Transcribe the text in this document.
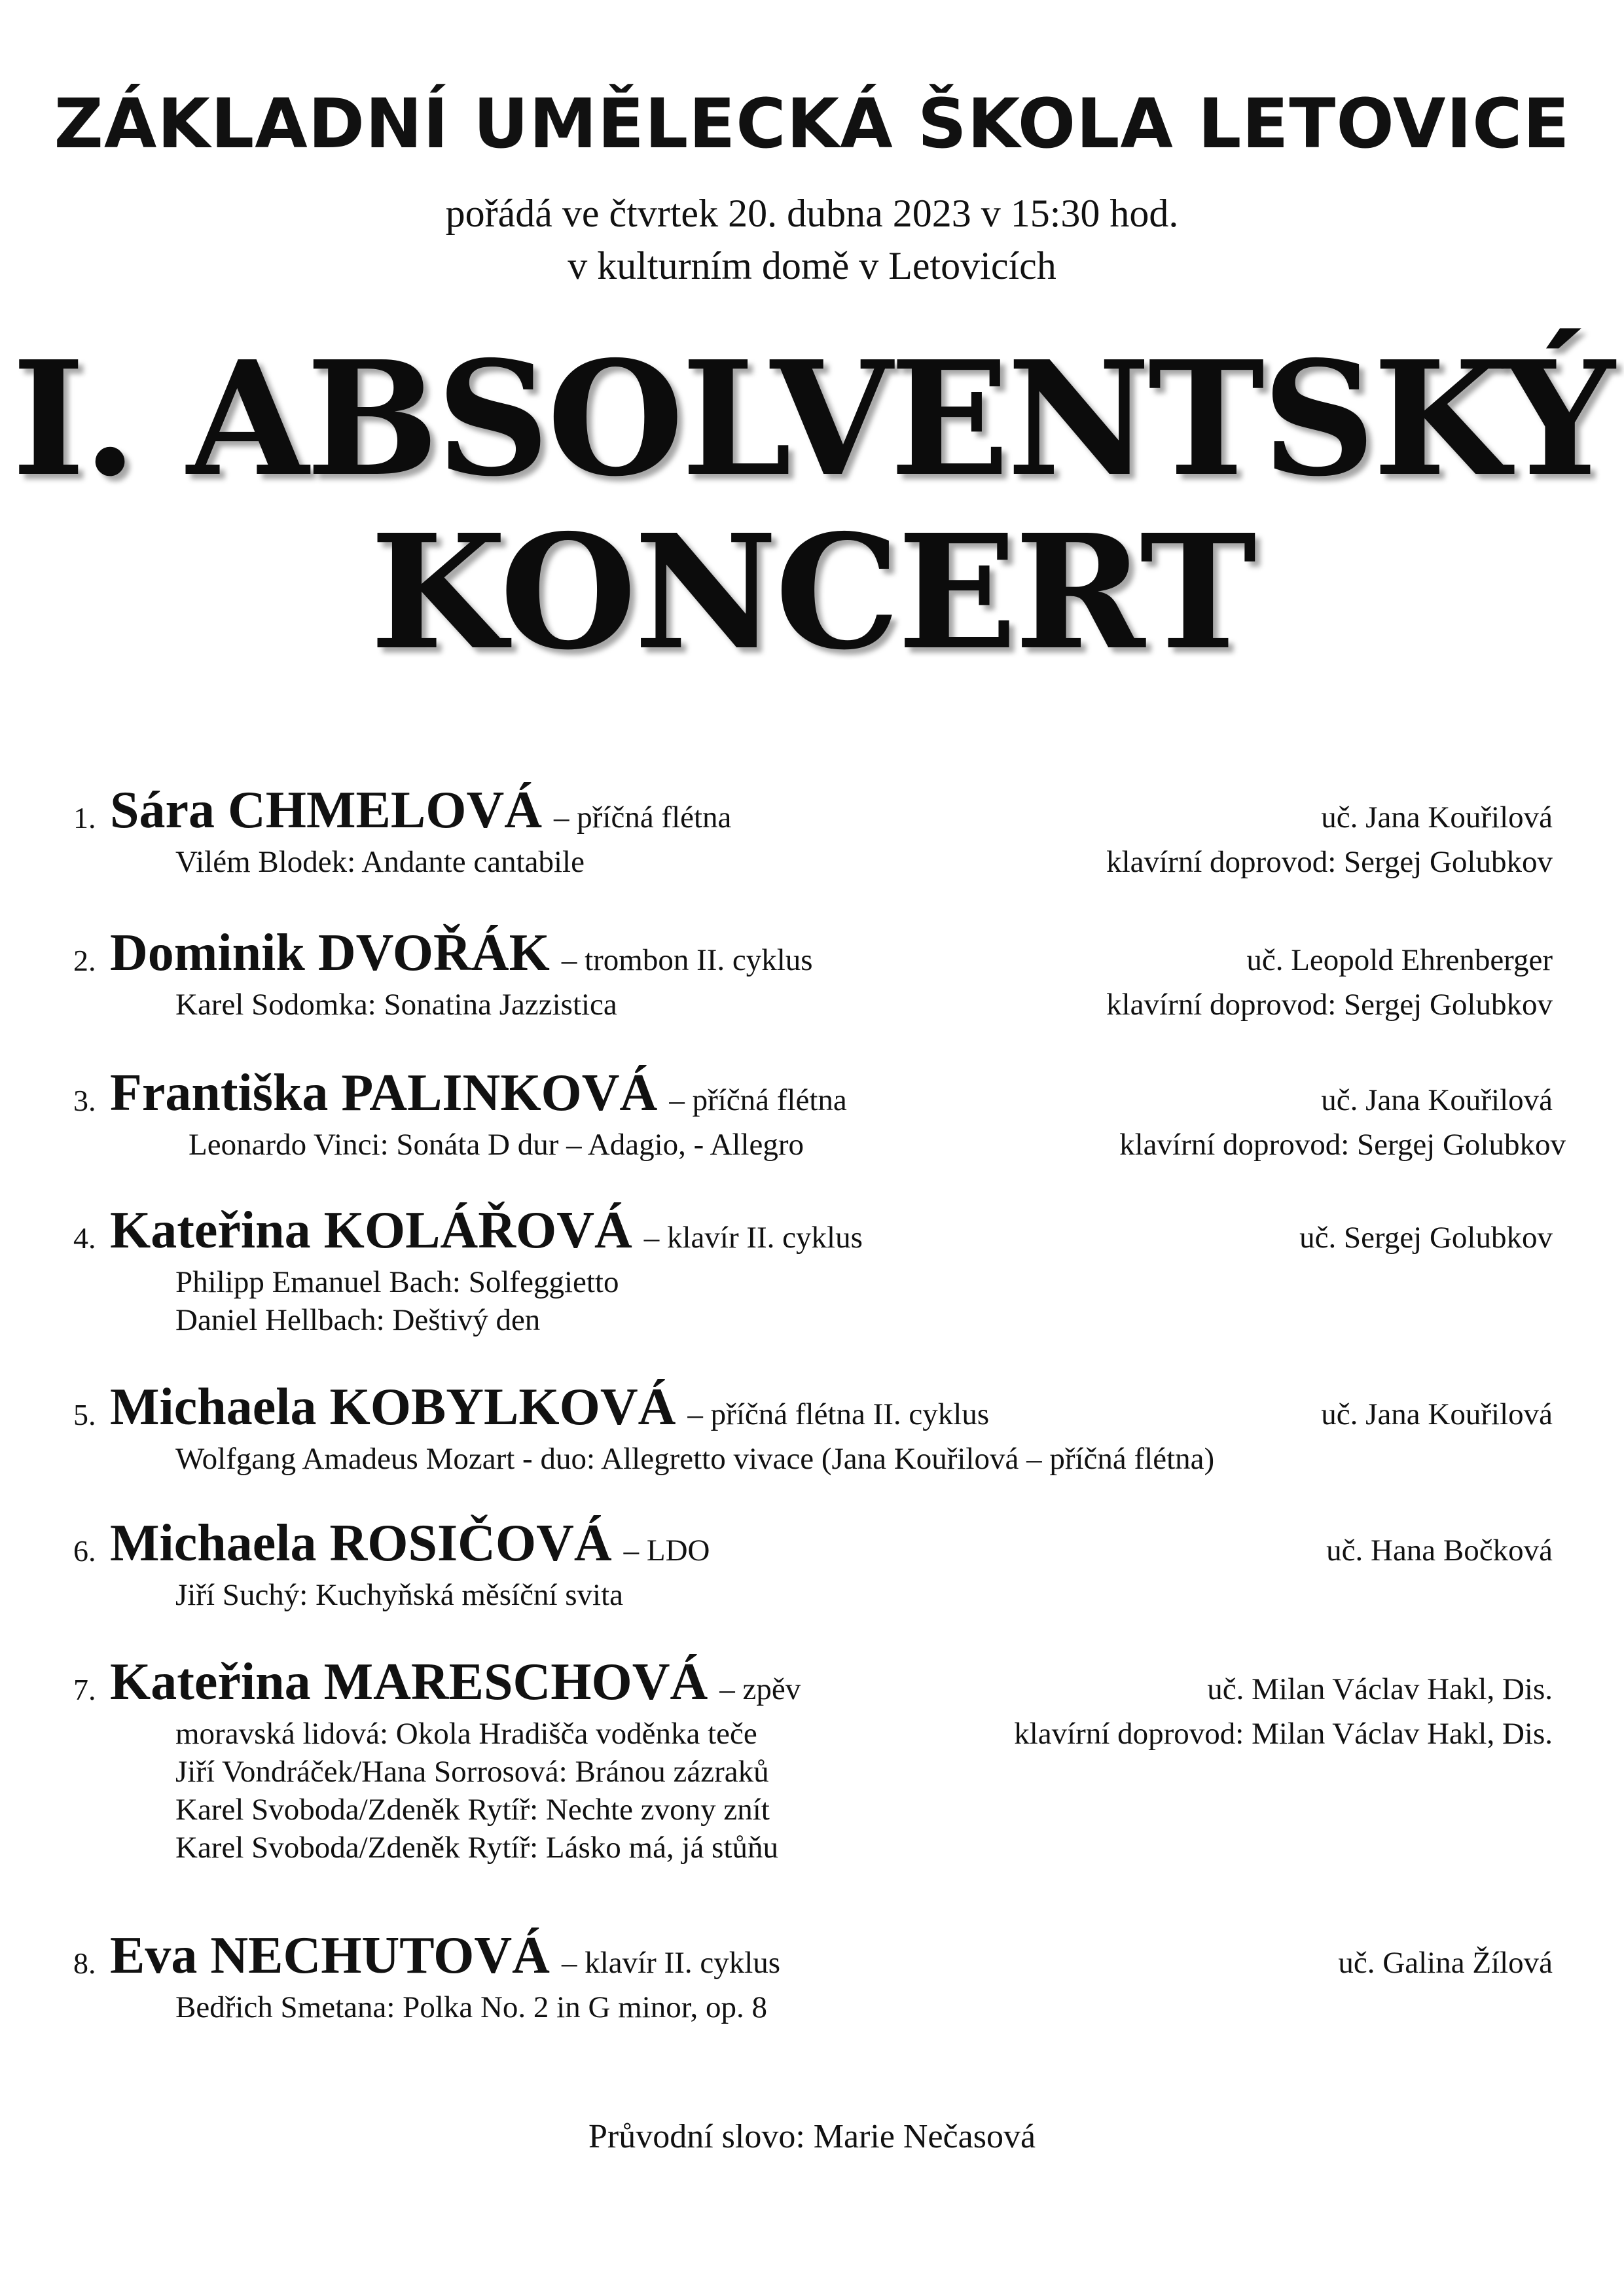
ZÁKLADNÍ UMĚLECKÁ ŠKOLA LETOVICE
pořádá ve čtvrtek 20. dubna 2023 v 15:30 hod.
v kulturním domě v Letovicích
I. ABSOLVENTSKÝ
KONCERT
1. Sára CHMELOVÁ – příčná flétna	uč. Jana Kouřilová
Vilém Blodek: Andante cantabile	klavírní doprovod: Sergej Golubkov
2. Dominik DVOŘÁK – trombon II. cyklus	uč. Leopold Ehrenberger
Karel Sodomka: Sonatina Jazzistica	klavírní doprovod: Sergej Golubkov
3. Františka PALINKOVÁ – příčná flétna	uč. Jana Kouřilová
Leonardo Vinci: Sonáta D dur – Adagio, - Allegro	klavírní doprovod: Sergej Golubkov
4. Kateřina KOLÁŘOVÁ – klavír II. cyklus	uč. Sergej Golubkov
Philipp Emanuel Bach: Solfeggietto
Daniel Hellbach: Deštivý den
5. Michaela KOBYLKOVÁ – příčná flétna II. cyklus	uč. Jana Kouřilová
Wolfgang Amadeus Mozart - duo: Allegretto vivace (Jana Kouřilová – příčná flétna)
6. Michaela ROSIČOVÁ – LDO	uč. Hana Bočková
Jiří Suchý: Kuchyňská měsíční svita
7. Kateřina MARESCHOVÁ – zpěv	uč. Milan Václav Hakl, Dis.
moravská lidová: Okola Hradišča voděnka teče	klavírní doprovod: Milan Václav Hakl, Dis.
Jiří Vondráček/Hana Sorrosová: Bránou zázraků
Karel Svoboda/Zdeněk Rytíř: Nechte zvony znít
Karel Svoboda/Zdeněk Rytíř: Lásko má, já stůňu
8. Eva NECHUTOVÁ – klavír II. cyklus	uč. Galina Žílová
Bedřich Smetana: Polka No. 2 in G minor, op. 8
Průvodní slovo: Marie Nečasová
